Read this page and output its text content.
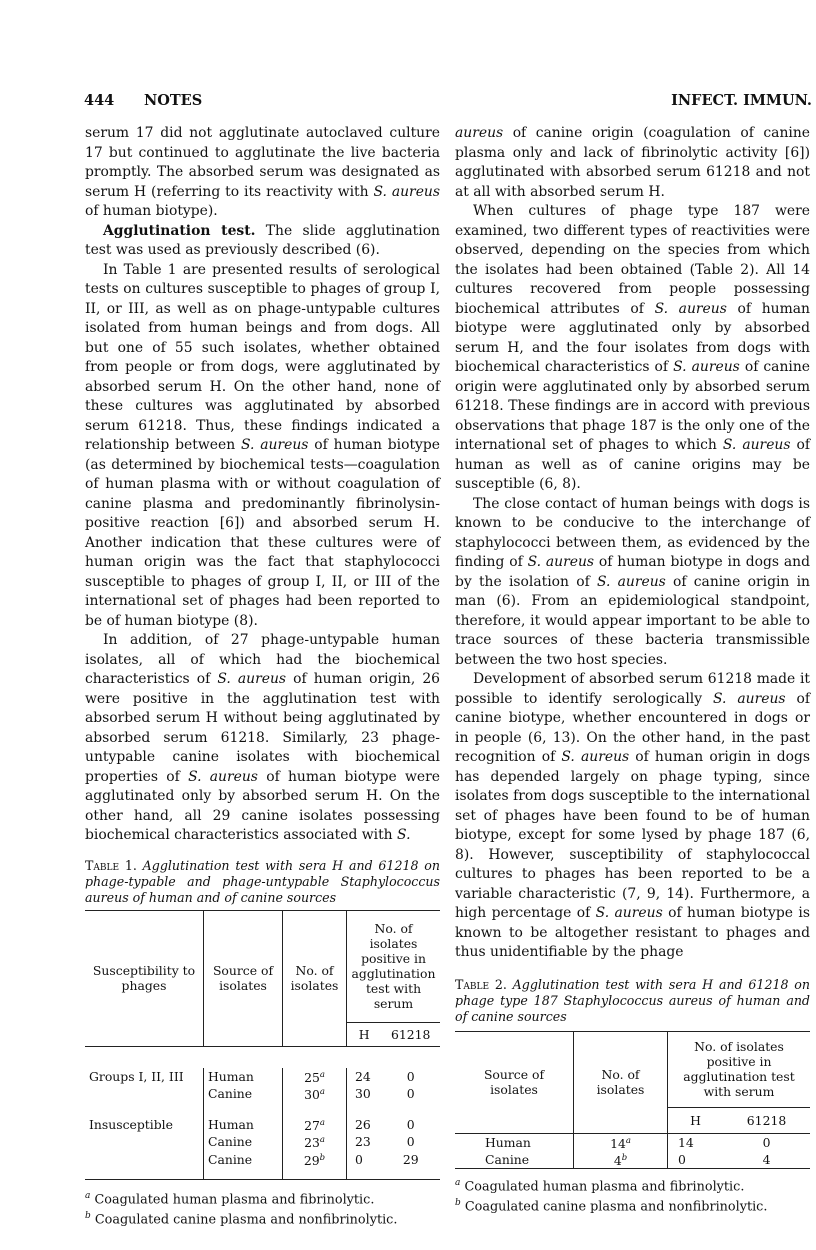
444 NOTES	INFECT. IMMUN.

serum 17 did not agglutinate autoclaved culture 17 but continued to agglutinate the live bacteria promptly. The absorbed serum was designated as serum H (referring to its reactivity with S. aureus of human biotype).

Agglutination test. The slide agglutination test was used as previously described (6).

In Table 1 are presented results of serological tests on cultures susceptible to phages of group I, II, or III, as well as on phage-untypable cultures isolated from human beings and from dogs. All but one of 55 such isolates, whether obtained from people or from dogs, were agglutinated by absorbed serum H. On the other hand, none of these cultures was agglutinated by absorbed serum 61218. Thus, these findings indicated a relationship between S. aureus of human biotype (as determined by biochemical tests—coagulation of human plasma with or without coagulation of canine plasma and predominantly fibrinolysin-positive reaction [6]) and absorbed serum H. Another indication that these cultures were of human origin was the fact that staphylococci susceptible to phages of group I, II, or III of the international set of phages had been reported to be of human biotype (8).

In addition, of 27 phage-untypable human isolates, all of which had the biochemical characteristics of S. aureus of human origin, 26 were positive in the agglutination test with absorbed serum H without being agglutinated by absorbed serum 61218. Similarly, 23 phage-untypable canine isolates with biochemical properties of S. aureus of human biotype were agglutinated only by absorbed serum H. On the other hand, all 29 canine isolates possessing biochemical characteristics associated with S.

Table 1. Agglutination test with sera H and 61218 on phage-typable and phage-untypable Staphylococcus aureus of human and of canine sources

Susceptibility to phages	Source of isolates	No. of isolates	No. of isolates positive in agglutination test with serum	
			H	61218

Groups I, II, III	Human	25$^a$	24	0
	Canine	30$^a$	30	0

Insusceptible	Human	27$^a$	26	0
	Canine	23$^a$	23	0
	Canine	29$^b$	0	29

$^a$ Coagulated human plasma and fibrinolytic.

$^b$ Coagulated canine plasma and nonfibrinolytic.

aureus of canine origin (coagulation of canine plasma only and lack of fibrinolytic activity [6]) agglutinated with absorbed serum 61218 and not at all with absorbed serum H.

When cultures of phage type 187 were examined, two different types of reactivities were observed, depending on the species from which the isolates had been obtained (Table 2). All 14 cultures recovered from people possessing biochemical attributes of S. aureus of human biotype were agglutinated only by absorbed serum H, and the four isolates from dogs with biochemical characteristics of S. aureus of canine origin were agglutinated only by absorbed serum 61218. These findings are in accord with previous observations that phage 187 is the only one of the international set of phages to which S. aureus of human as well as of canine origins may be susceptible (6, 8).

The close contact of human beings with dogs is known to be conducive to the interchange of staphylococci between them, as evidenced by the finding of S. aureus of human biotype in dogs and by the isolation of S. aureus of canine origin in man (6). From an epidemiological standpoint, therefore, it would appear important to be able to trace sources of these bacteria transmissible between the two host species.

Development of absorbed serum 61218 made it possible to identify serologically S. aureus of canine biotype, whether encountered in dogs or in people (6, 13). On the other hand, in the past recognition of S. aureus of human origin in dogs has depended largely on phage typing, since isolates from dogs susceptible to the international set of phages have been found to be of human biotype, except for some lysed by phage 187 (6, 8). However, susceptibility of staphylococcal cultures to phages has been reported to be a variable characteristic (7, 9, 14). Furthermore, a high percentage of S. aureus of human biotype is known to be altogether resistant to phages and thus unidentifiable by the phage

Table 2. Agglutination test with sera H and 61218 on phage type 187 Staphylococcus aureus of human and of canine sources

Source of isolates	No. of isolates	No. of isolates positive in agglutination test with serum	
		H	61218
Human	14$^a$	14	0
Canine	4$^b$	0	4

$^a$ Coagulated human plasma and fibrinolytic.

$^b$ Coagulated canine plasma and nonfibrinolytic.
